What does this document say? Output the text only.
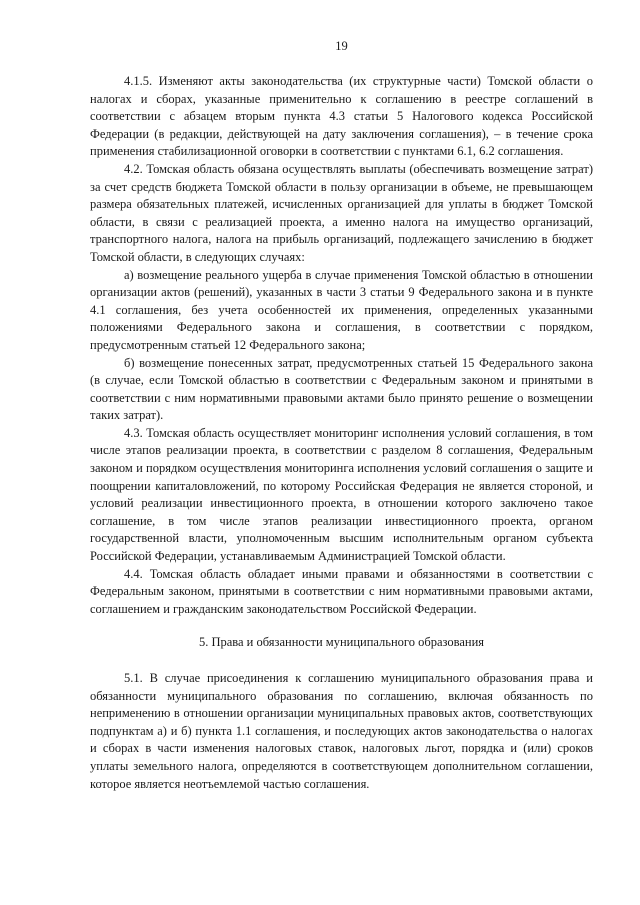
19

4.1.5. Изменяют акты законодательства (их структурные части) Томской области о налогах и сборах, указанные применительно к соглашению в реестре соглашений в соответствии с абзацем вторым пункта 4.3 статьи 5 Налогового кодекса Российской Федерации (в редакции, действующей на дату заключения соглашения), – в течение срока применения стабилизационной оговорки в соответствии с пунктами 6.1, 6.2 соглашения.

4.2. Томская область обязана осуществлять выплаты (обеспечивать возмещение затрат) за счет средств бюджета Томской области в пользу организации в объеме, не превышающем размера обязательных платежей, исчисленных организацией для уплаты в бюджет Томской области, в связи с реализацией проекта, а именно налога на имущество организаций, транспортного налога, налога на прибыль организаций, подлежащего зачислению в бюджет Томской области, в следующих случаях:

а) возмещение реального ущерба в случае применения Томской областью в отношении организации актов (решений), указанных в части 3 статьи 9 Федерального закона и в пункте 4.1 соглашения, без учета особенностей их применения, определенных указанными положениями Федерального закона и соглашения, в соответствии с порядком, предусмотренным статьей 12 Федерального закона;

б) возмещение понесенных затрат, предусмотренных статьей 15 Федерального закона (в случае, если Томской областью в соответствии с Федеральным законом и принятыми в соответствии с ним нормативными правовыми актами было принято решение о возмещении таких затрат).

4.3. Томская область осуществляет мониторинг исполнения условий соглашения, в том числе этапов реализации проекта, в соответствии с разделом 8 соглашения, Федеральным законом и порядком осуществления мониторинга исполнения условий соглашения о защите и поощрении капиталовложений, по которому Российская Федерация не является стороной, и условий реализации инвестиционного проекта, в отношении которого заключено такое соглашение, в том числе этапов реализации инвестиционного проекта, органом государственной власти, уполномоченным высшим исполнительным органом субъекта Российской Федерации, устанавливаемым Администрацией Томской области.

4.4. Томская область обладает иными правами и обязанностями в соответствии с Федеральным законом, принятыми в соответствии с ним нормативными правовыми актами, соглашением и гражданским законодательством Российской Федерации.

5. Права и обязанности муниципального образования

5.1. В случае присоединения к соглашению муниципального образования права и обязанности муниципального образования по соглашению, включая обязанность по неприменению в отношении организации муниципальных правовых актов, соответствующих подпунктам а) и б) пункта 1.1 соглашения, и последующих актов законодательства о налогах и сборах в части изменения налоговых ставок, налоговых льгот, порядка и (или) сроков уплаты земельного налога, определяются в соответствующем дополнительном соглашении, которое является неотъемлемой частью соглашения.
